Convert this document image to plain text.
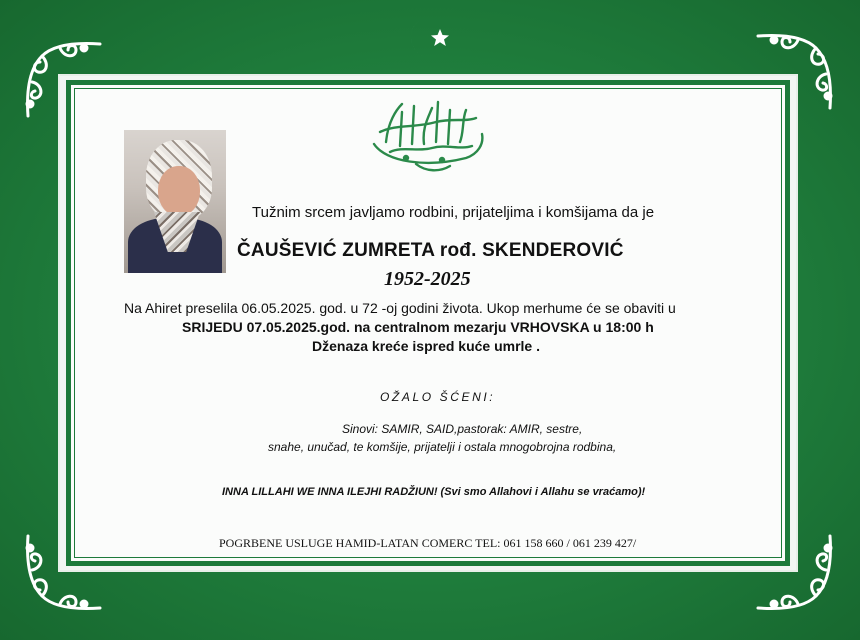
Tužnim srcem javljamo rodbini, prijateljima i komšijama da je
ČAUŠEVIĆ ZUMRETA rođ. SKENDEROVIĆ
1952-2025
Na Ahiret preselila 06.05.2025. god. u 72 -oj godini života. Ukop merhume će se obaviti u
SRIJEDU 07.05.2025.god. na centralnom mezarju VRHOVSKA u 18:00 h
Dženaza kreće ispred kuće umrle .
OŽALO ŠĆENI:
Sinovi: SAMIR, SAID,pastorak: AMIR, sestre,
snahe, unučad, te komšije, prijatelji i ostala mnogobrojna rodbina,
INNA LILLAHI WE INNA ILEJHI RADŽIUN! (Svi smo Allahovi i Allahu se vraćamo)!
POGRBENE USLUGE HAMID-LATAN COMERC TEL: 061 158 660 / 061 239 427/
